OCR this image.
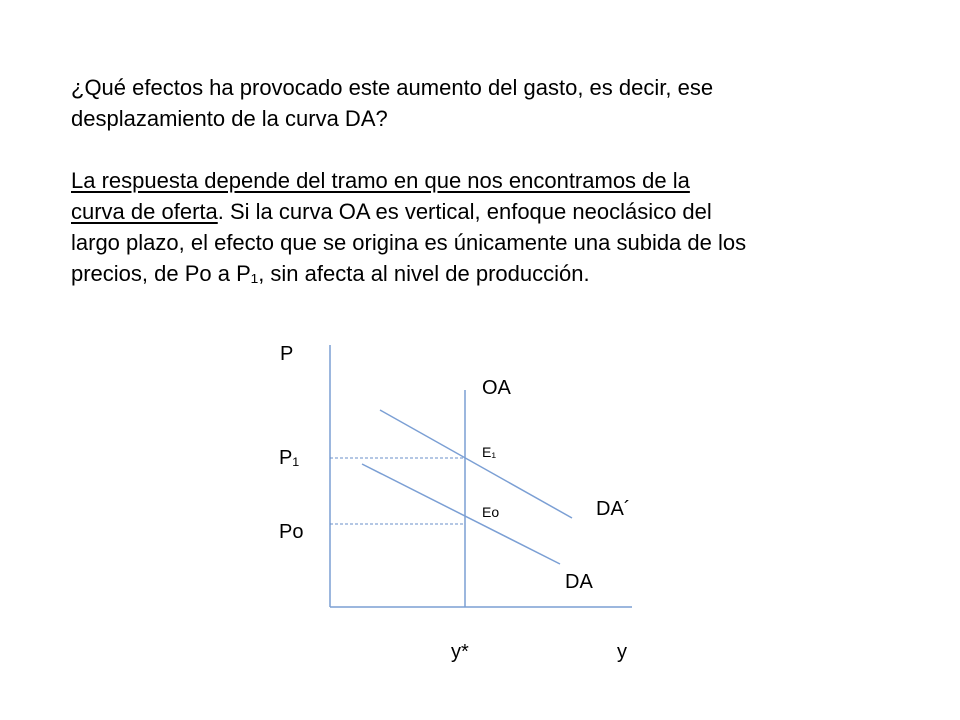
¿Qué efectos ha provocado este aumento del gasto, es decir, ese

desplazamiento de la curva DA?

La respuesta depende del tramo en que nos encontramos de la

curva de oferta. Si la curva OA es vertical, enfoque neoclásico del

largo plazo, el efecto que se origina es únicamente una subida de los

precios, de Po a P₁, sin afecta al nivel de producción.

P
OA
P₁	E₁
Eo	DA´
Po
DA
y*	y
